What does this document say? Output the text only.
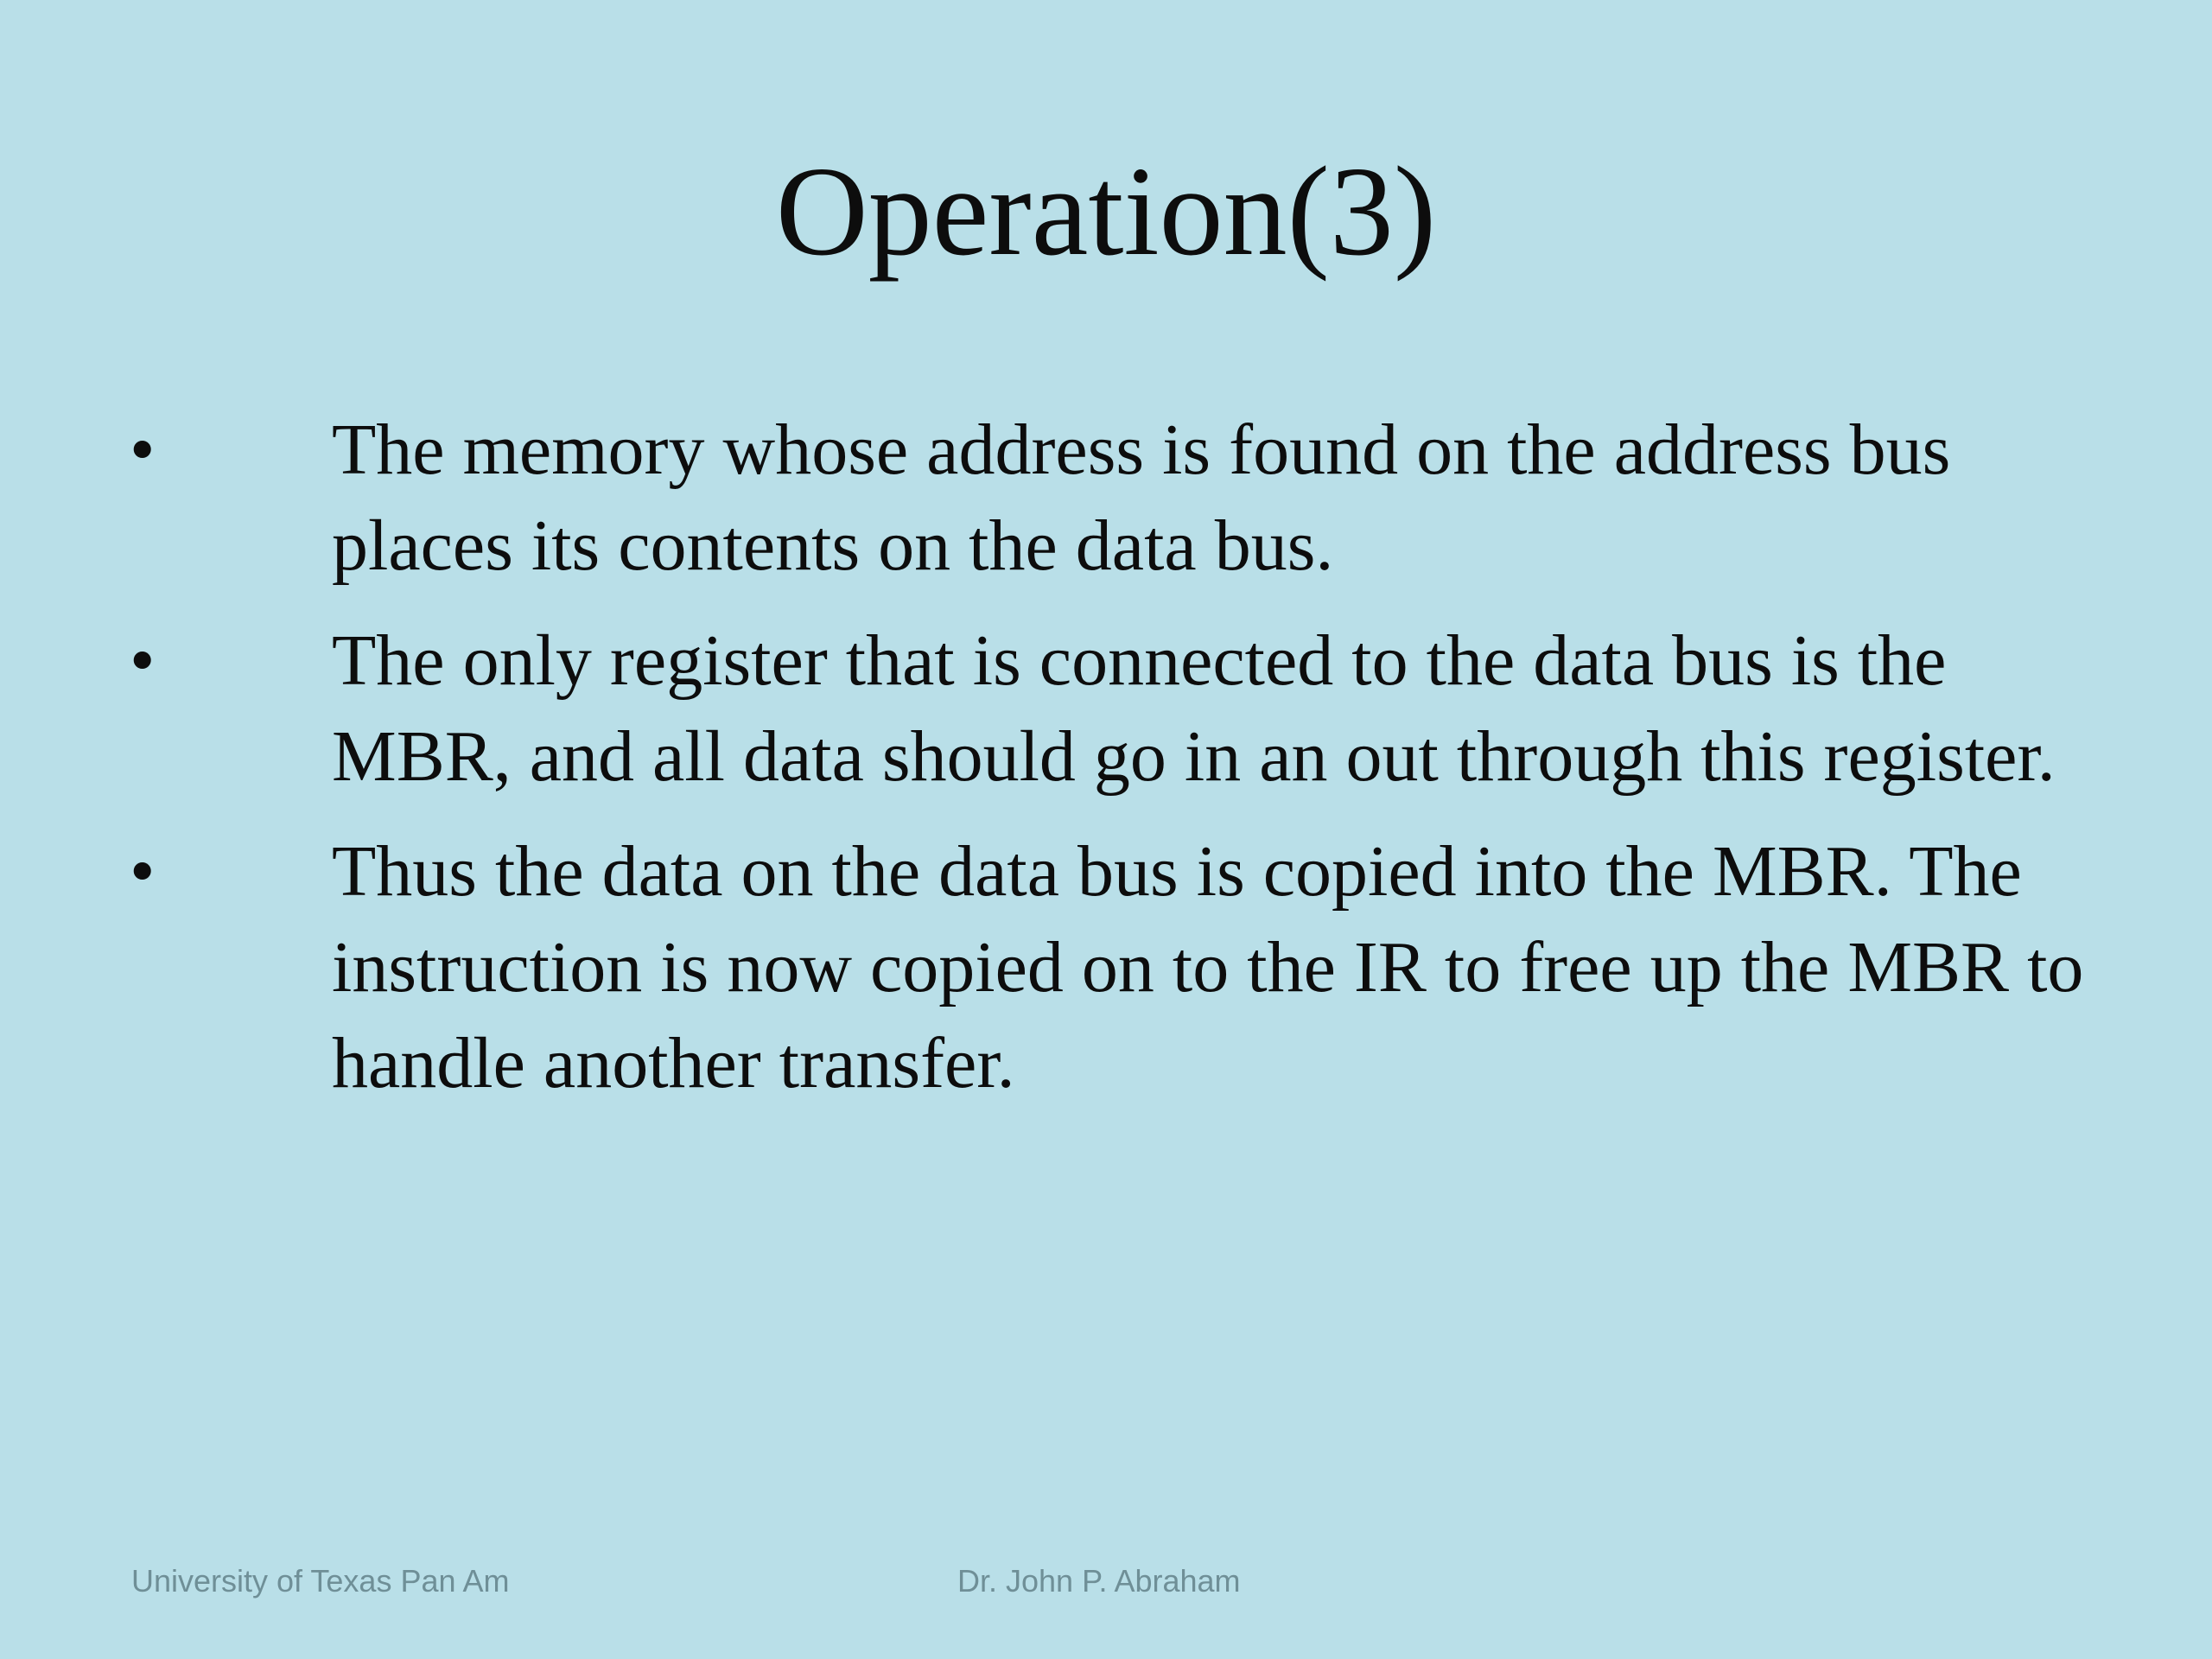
Operation(3)
• The memory whose address is found on the address bus places its contents on the data bus.
• The only register that is connected to the data bus is the MBR, and all data should go in an out through this register.
• Thus the data on the data bus is copied into the MBR. The instruction is now copied on to the IR to free up the MBR to handle another transfer.
University of Texas Pan Am	Dr. John P. Abraham
